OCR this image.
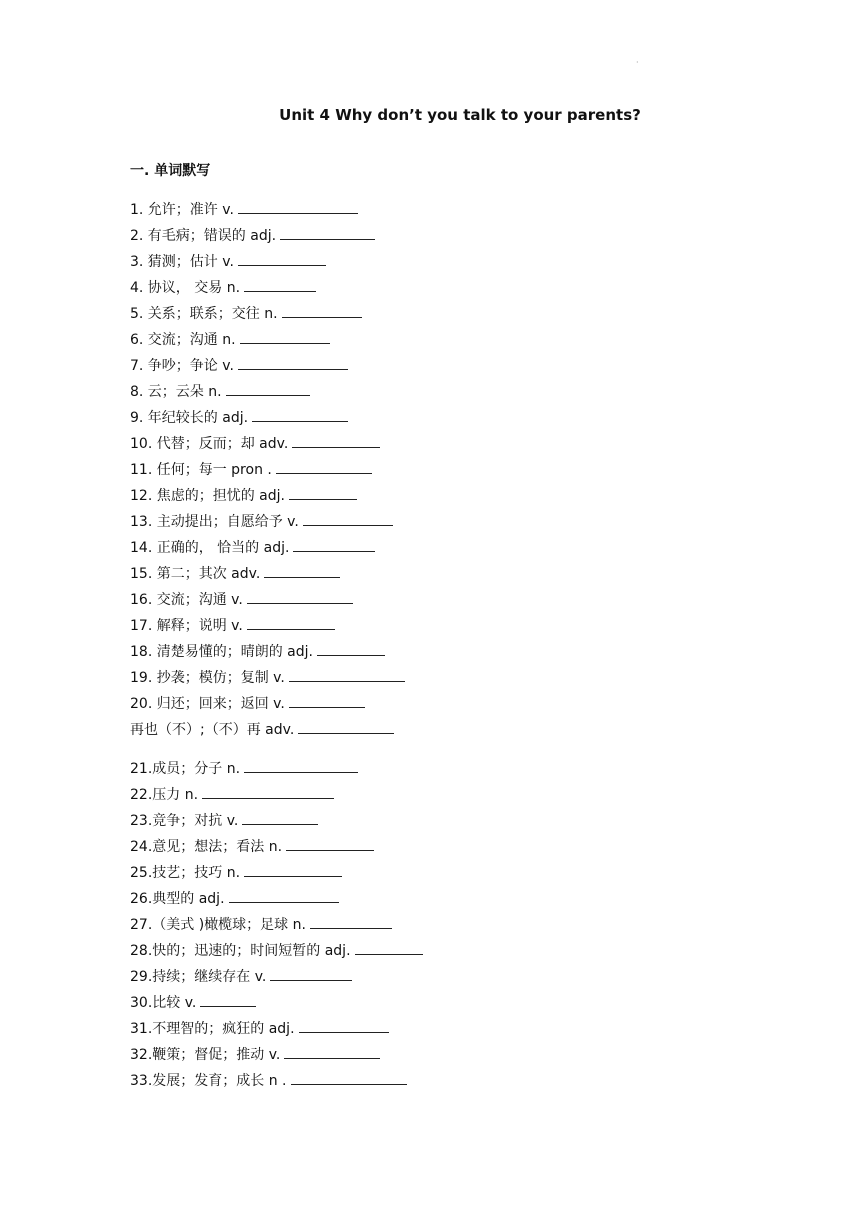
·
Unit 4 Why don’t you talk to your parents?
一. 单词默写
1. 允许；准许 v.
2. 有毛病；错误的 adj.
3. 猜测；估计 v.
4. 协议， 交易 n.
5. 关系；联系；交往 n.
6. 交流；沟通 n.
7. 争吵；争论 v.
8. 云；云朵 n.
9. 年纪较长的 adj.
10. 代替；反而；却 adv.
11. 任何；每一 pron .
12. 焦虑的；担忧的 adj.
13. 主动提出；自愿给予 v.
14. 正确的， 恰当的 adj.
15. 第二；其次 adv.
16. 交流；沟通 v.
17. 解释；说明 v.
18. 清楚易懂的；晴朗的 adj.
19. 抄袭；模仿；复制 v.
20. 归还；回来；返回 v.
再也（不）;（不）再 adv.
21.成员；分子 n.
22.压力 n.
23.竞争；对抗 v.
24.意见；想法；看法 n.
25.技艺；技巧 n.
26.典型的 adj.
27.（美式 )橄榄球；足球 n.
28.快的；迅速的；时间短暂的 adj.
29.持续；继续存在 v.
30.比较 v.
31.不理智的；疯狂的 adj.
32.鞭策；督促；推动 v.
33.发展；发育；成长 n .
